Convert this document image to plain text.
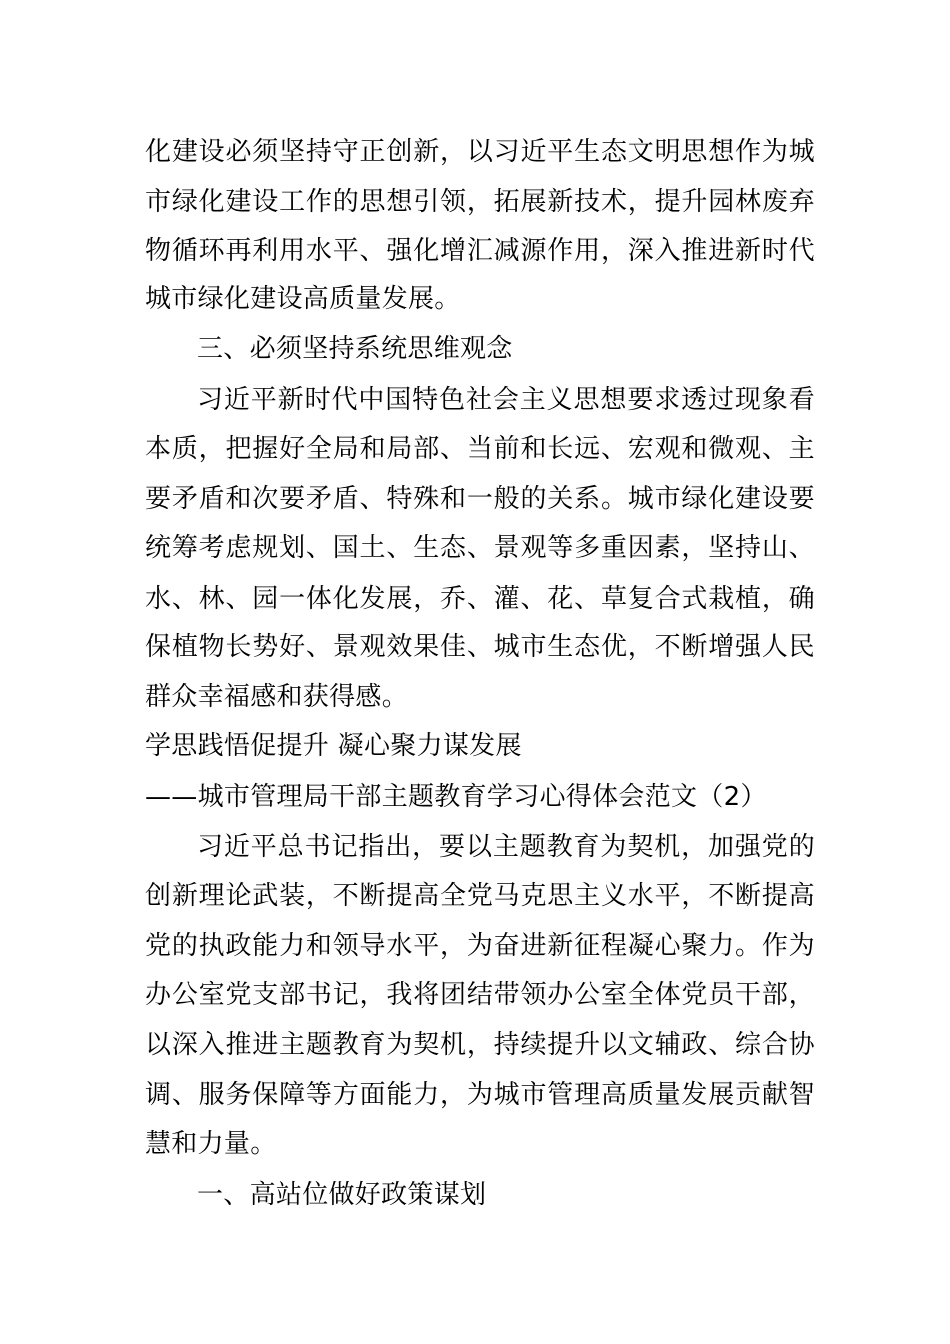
化建设必须坚持守正创新，以习近平生态文明思想作为城
市绿化建设工作的思想引领，拓展新技术，提升园林废弃
物循环再利用水平、强化增汇减源作用，深入推进新时代
城市绿化建设高质量发展。
三、必须坚持系统思维观念
习近平新时代中国特色社会主义思想要求透过现象看
本质，把握好全局和局部、当前和长远、宏观和微观、主
要矛盾和次要矛盾、特殊和一般的关系。城市绿化建设要
统筹考虑规划、国土、生态、景观等多重因素，坚持山、
水、林、园一体化发展，乔、灌、花、草复合式栽植，确
保植物长势好、景观效果佳、城市生态优，不断增强人民
群众幸福感和获得感。
学思践悟促提升 凝心聚力谋发展
——城市管理局干部主题教育学习心得体会范文（2）
习近平总书记指出，要以主题教育为契机，加强党的
创新理论武装，不断提高全党马克思主义水平，不断提高
党的执政能力和领导水平，为奋进新征程凝心聚力。作为
办公室党支部书记，我将团结带领办公室全体党员干部，
以深入推进主题教育为契机，持续提升以文辅政、综合协
调、服务保障等方面能力，为城市管理高质量发展贡献智
慧和力量。
一、高站位做好政策谋划
